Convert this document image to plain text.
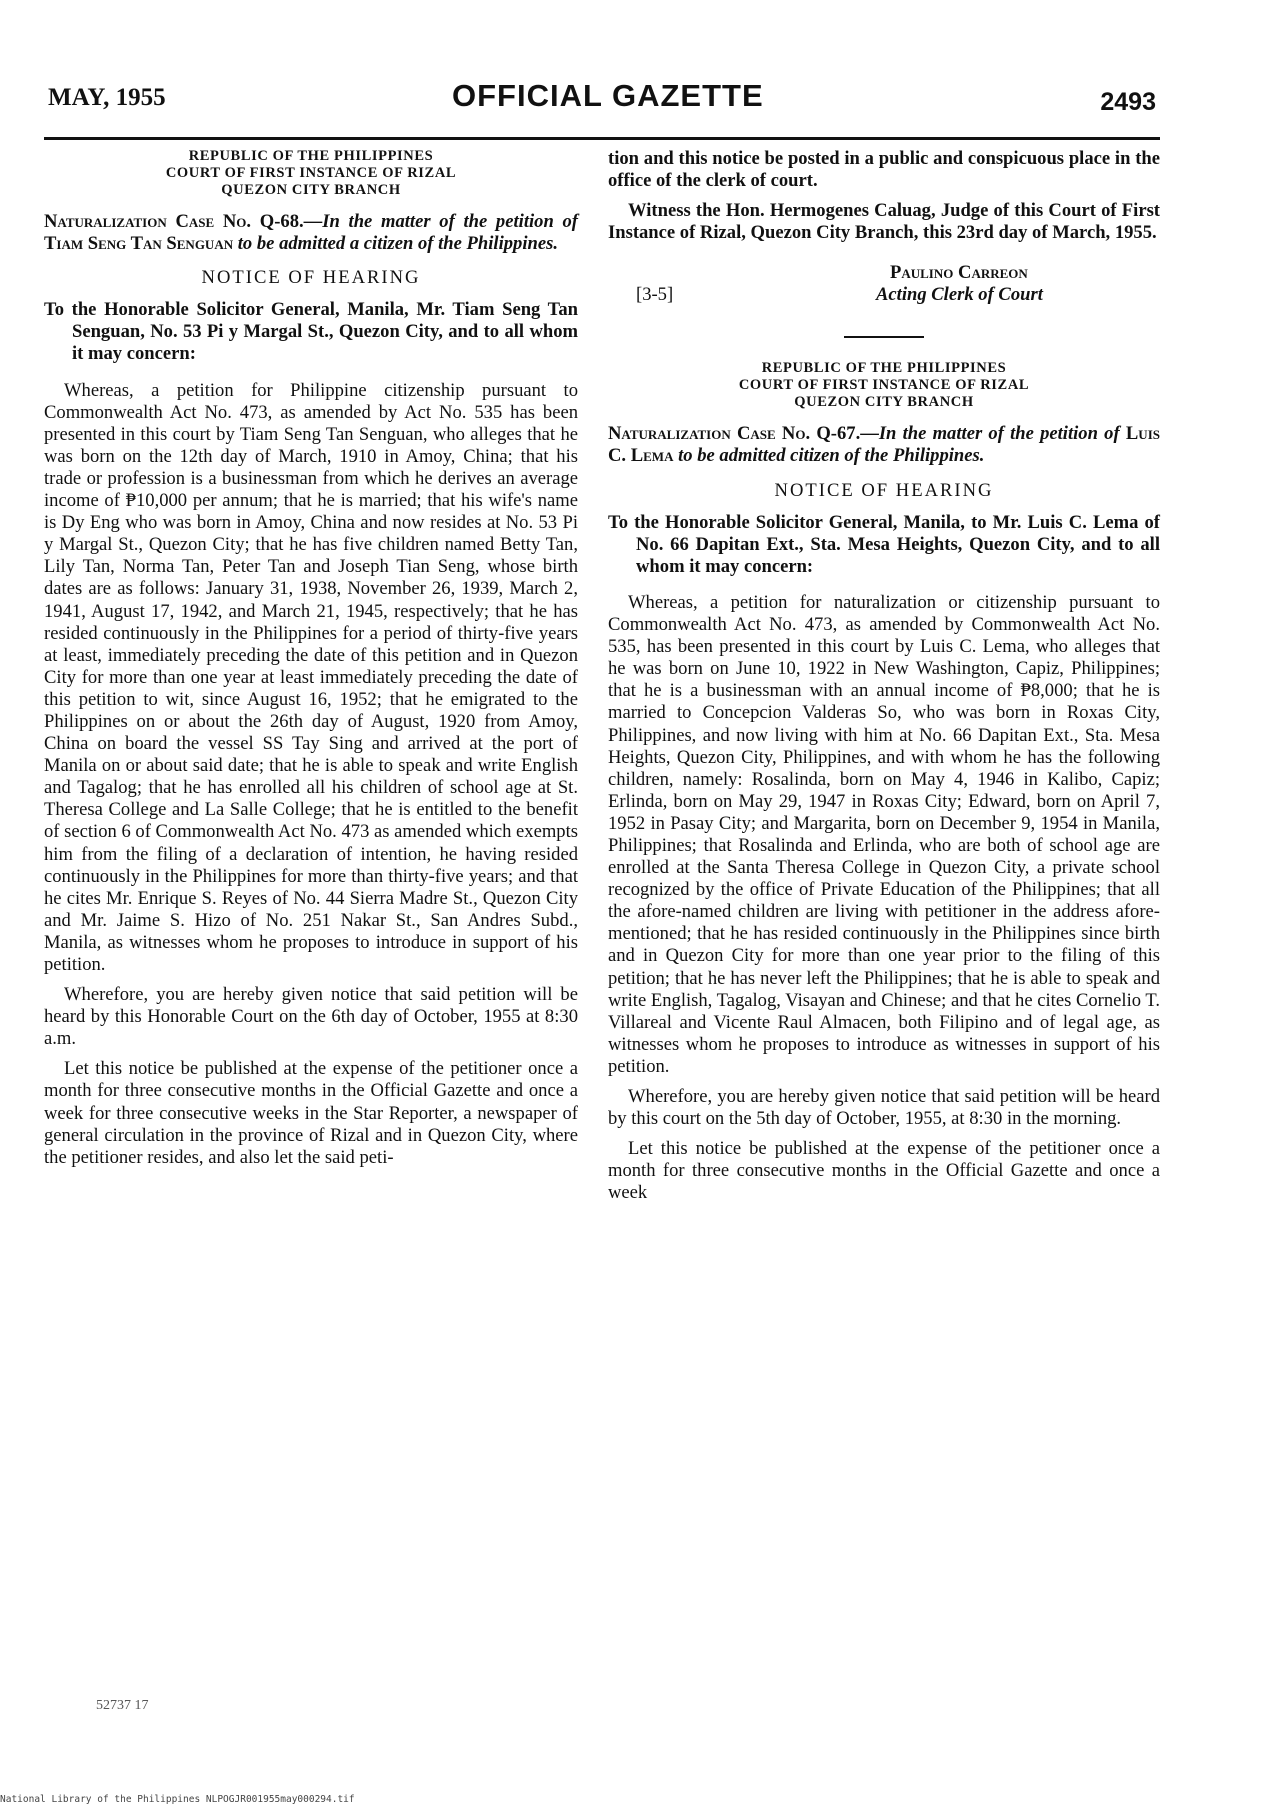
MAY, 1955	OFFICIAL GAZETTE	2493

REPUBLIC OF THE PHILIPPINES
COURT OF FIRST INSTANCE OF RIZAL
QUEZON CITY BRANCH

Naturalization Case No. Q-68.—In the matter of the petition of Tiam Seng Tan Senguan to be admitted a citizen of the Philippines.

NOTICE OF HEARING

To the Honorable Solicitor General, Manila, Mr. Tiam Seng Tan Senguan, No. 53 Pi y Margal St., Quezon City, and to all whom it may concern:

Whereas, a petition for Philippine citizenship pursuant to Commonwealth Act No. 473, as amended by Act No. 535 has been presented in this court by Tiam Seng Tan Senguan, who alleges that he was born on the 12th day of March, 1910 in Amoy, China; that his trade or profession is a businessman from which he derives an average income of ₱10,000 per annum; that he is married; that his wife's name is Dy Eng who was born in Amoy, China and now resides at No. 53 Pi y Margal St., Quezon City; that he has five children named Betty Tan, Lily Tan, Norma Tan, Peter Tan and Joseph Tian Seng, whose birth dates are as follows: January 31, 1938, November 26, 1939, March 2, 1941, August 17, 1942, and March 21, 1945, respectively; that he has resided continuously in the Philippines for a period of thirty-five years at least, immediately preceding the date of this petition and in Quezon City for more than one year at least immediately preceding the date of this petition to wit, since August 16, 1952; that he emigrated to the Philippines on or about the 26th day of August, 1920 from Amoy, China on board the vessel SS Tay Sing and arrived at the port of Manila on or about said date; that he is able to speak and write English and Tagalog; that he has enrolled all his children of school age at St. Theresa College and La Salle College; that he is entitled to the benefit of section 6 of Commonwealth Act No. 473 as amended which exempts him from the filing of a declaration of intention, he having resided continuously in the Philippines for more than thirty-five years; and that he cites Mr. Enrique S. Reyes of No. 44 Sierra Madre St., Quezon City and Mr. Jaime S. Hizo of No. 251 Nakar St., San Andres Subd., Manila, as witnesses whom he proposes to introduce in support of his petition.

Wherefore, you are hereby given notice that said petition will be heard by this Honorable Court on the 6th day of October, 1955 at 8:30 a.m.

Let this notice be published at the expense of the petitioner once a month for three consecutive months in the Official Gazette and once a week for three consecutive weeks in the Star Reporter, a newspaper of general circulation in the province of Rizal and in Quezon City, where the petitioner resides, and also let the said peti-

tion and this notice be posted in a public and conspicuous place in the office of the clerk of court.

Witness the Hon. Hermogenes Caluag, Judge of this Court of First Instance of Rizal, Quezon City Branch, this 23rd day of March, 1955.

Paulino Carreon
[3-5]	Acting Clerk of Court

REPUBLIC OF THE PHILIPPINES
COURT OF FIRST INSTANCE OF RIZAL
QUEZON CITY BRANCH

Naturalization Case No. Q-67.—In the matter of the petition of Luis C. Lema to be admitted citizen of the Philippines.

NOTICE OF HEARING

To the Honorable Solicitor General, Manila, to Mr. Luis C. Lema of No. 66 Dapitan Ext., Sta. Mesa Heights, Quezon City, and to all whom it may concern:

Whereas, a petition for naturalization or citizenship pursuant to Commonwealth Act No. 473, as amended by Commonwealth Act No. 535, has been presented in this court by Luis C. Lema, who alleges that he was born on June 10, 1922 in New Washington, Capiz, Philippines; that he is a businessman with an annual income of ₱8,000; that he is married to Concepcion Valderas So, who was born in Roxas City, Philippines, and now living with him at No. 66 Dapitan Ext., Sta. Mesa Heights, Quezon City, Philippines, and with whom he has the following children, namely: Rosalinda, born on May 4, 1946 in Kalibo, Capiz; Erlinda, born on May 29, 1947 in Roxas City; Edward, born on April 7, 1952 in Pasay City; and Margarita, born on December 9, 1954 in Manila, Philippines; that Rosalinda and Erlinda, who are both of school age are enrolled at the Santa Theresa College in Quezon City, a private school recognized by the office of Private Education of the Philippines; that all the afore-named children are living with petitioner in the address afore-mentioned; that he has resided continuously in the Philippines since birth and in Quezon City for more than one year prior to the filing of this petition; that he has never left the Philippines; that he is able to speak and write English, Tagalog, Visayan and Chinese; and that he cites Cornelio T. Villareal and Vicente Raul Almacen, both Filipino and of legal age, as witnesses whom he proposes to introduce as witnesses in support of his petition.

Wherefore, you are hereby given notice that said petition will be heard by this court on the 5th day of October, 1955, at 8:30 in the morning.

Let this notice be published at the expense of the petitioner once a month for three consecutive months in the Official Gazette and once a week

52737 17
National Library of the Philippines NLPOGJR001955may000294.tif
